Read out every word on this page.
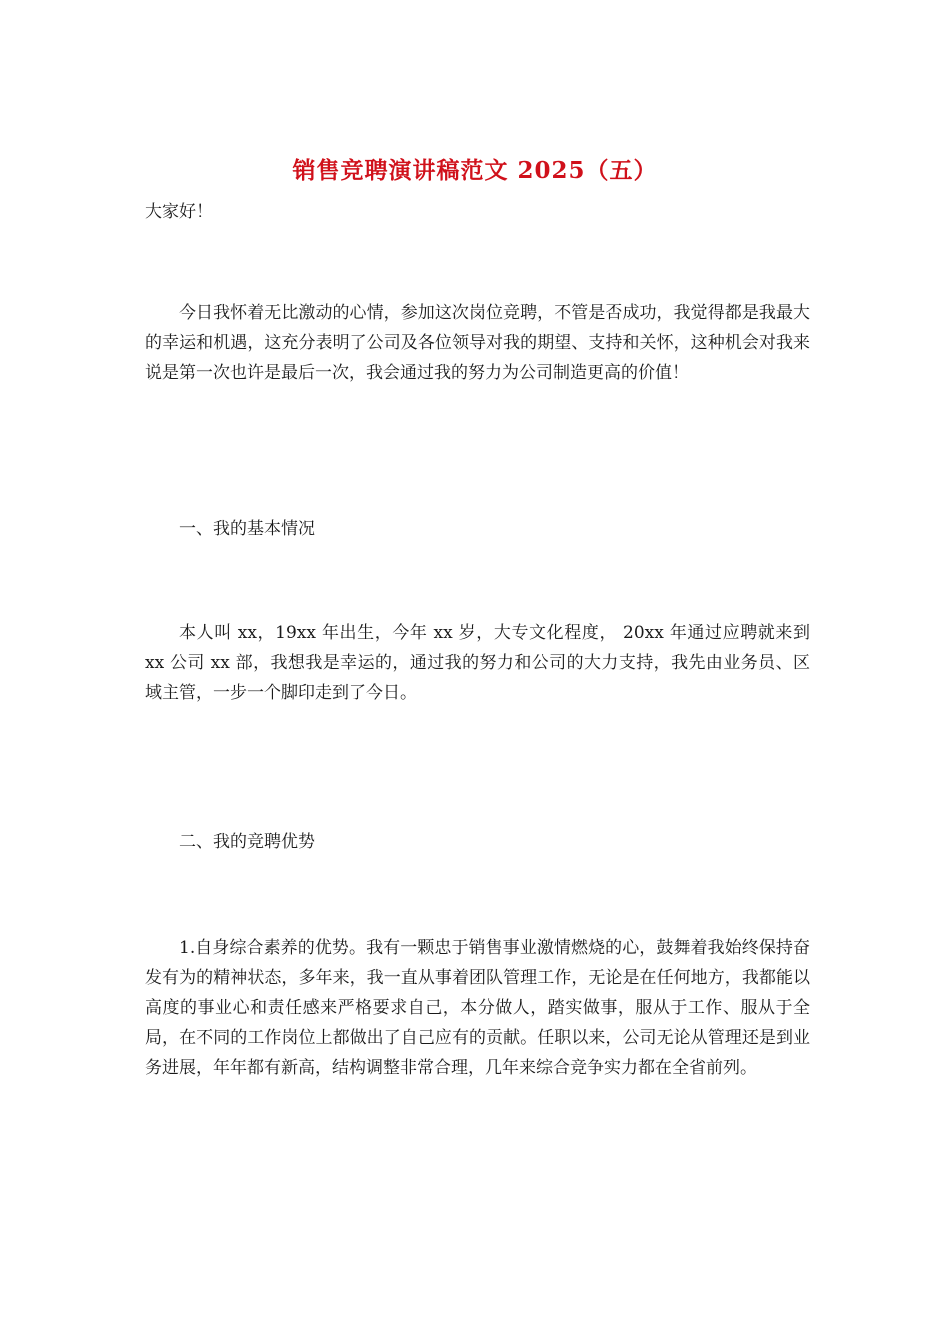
销售竞聘演讲稿范文 2025（五）
大家好！
今日我怀着无比激动的心情，参加这次岗位竞聘，不管是否成功，我觉得都是我最大的幸运和机遇，这充分表明了公司及各位领导对我的期望、支持和关怀，这种机会对我来说是第一次也许是最后一次，我会通过我的努力为公司制造更高的价值！
一、我的基本情况
本人叫 xx，19xx 年出生，今年 xx 岁，大专文化程度， 20xx 年通过应聘就来到 xx 公司 xx 部，我想我是幸运的，通过我的努力和公司的大力支持，我先由业务员、区域主管，一步一个脚印走到了今日。
二、我的竞聘优势
1.自身综合素养的优势。我有一颗忠于销售事业激情燃烧的心，鼓舞着我始终保持奋发有为的精神状态，多年来，我一直从事着团队管理工作，无论是在任何地方，我都能以高度的事业心和责任感来严格要求自己，本分做人，踏实做事，服从于工作、服从于全局，在不同的工作岗位上都做出了自己应有的贡献。任职以来，公司无论从管理还是到业务进展，年年都有新高，结构调整非常合理，几年来综合竞争实力都在全省前列。
